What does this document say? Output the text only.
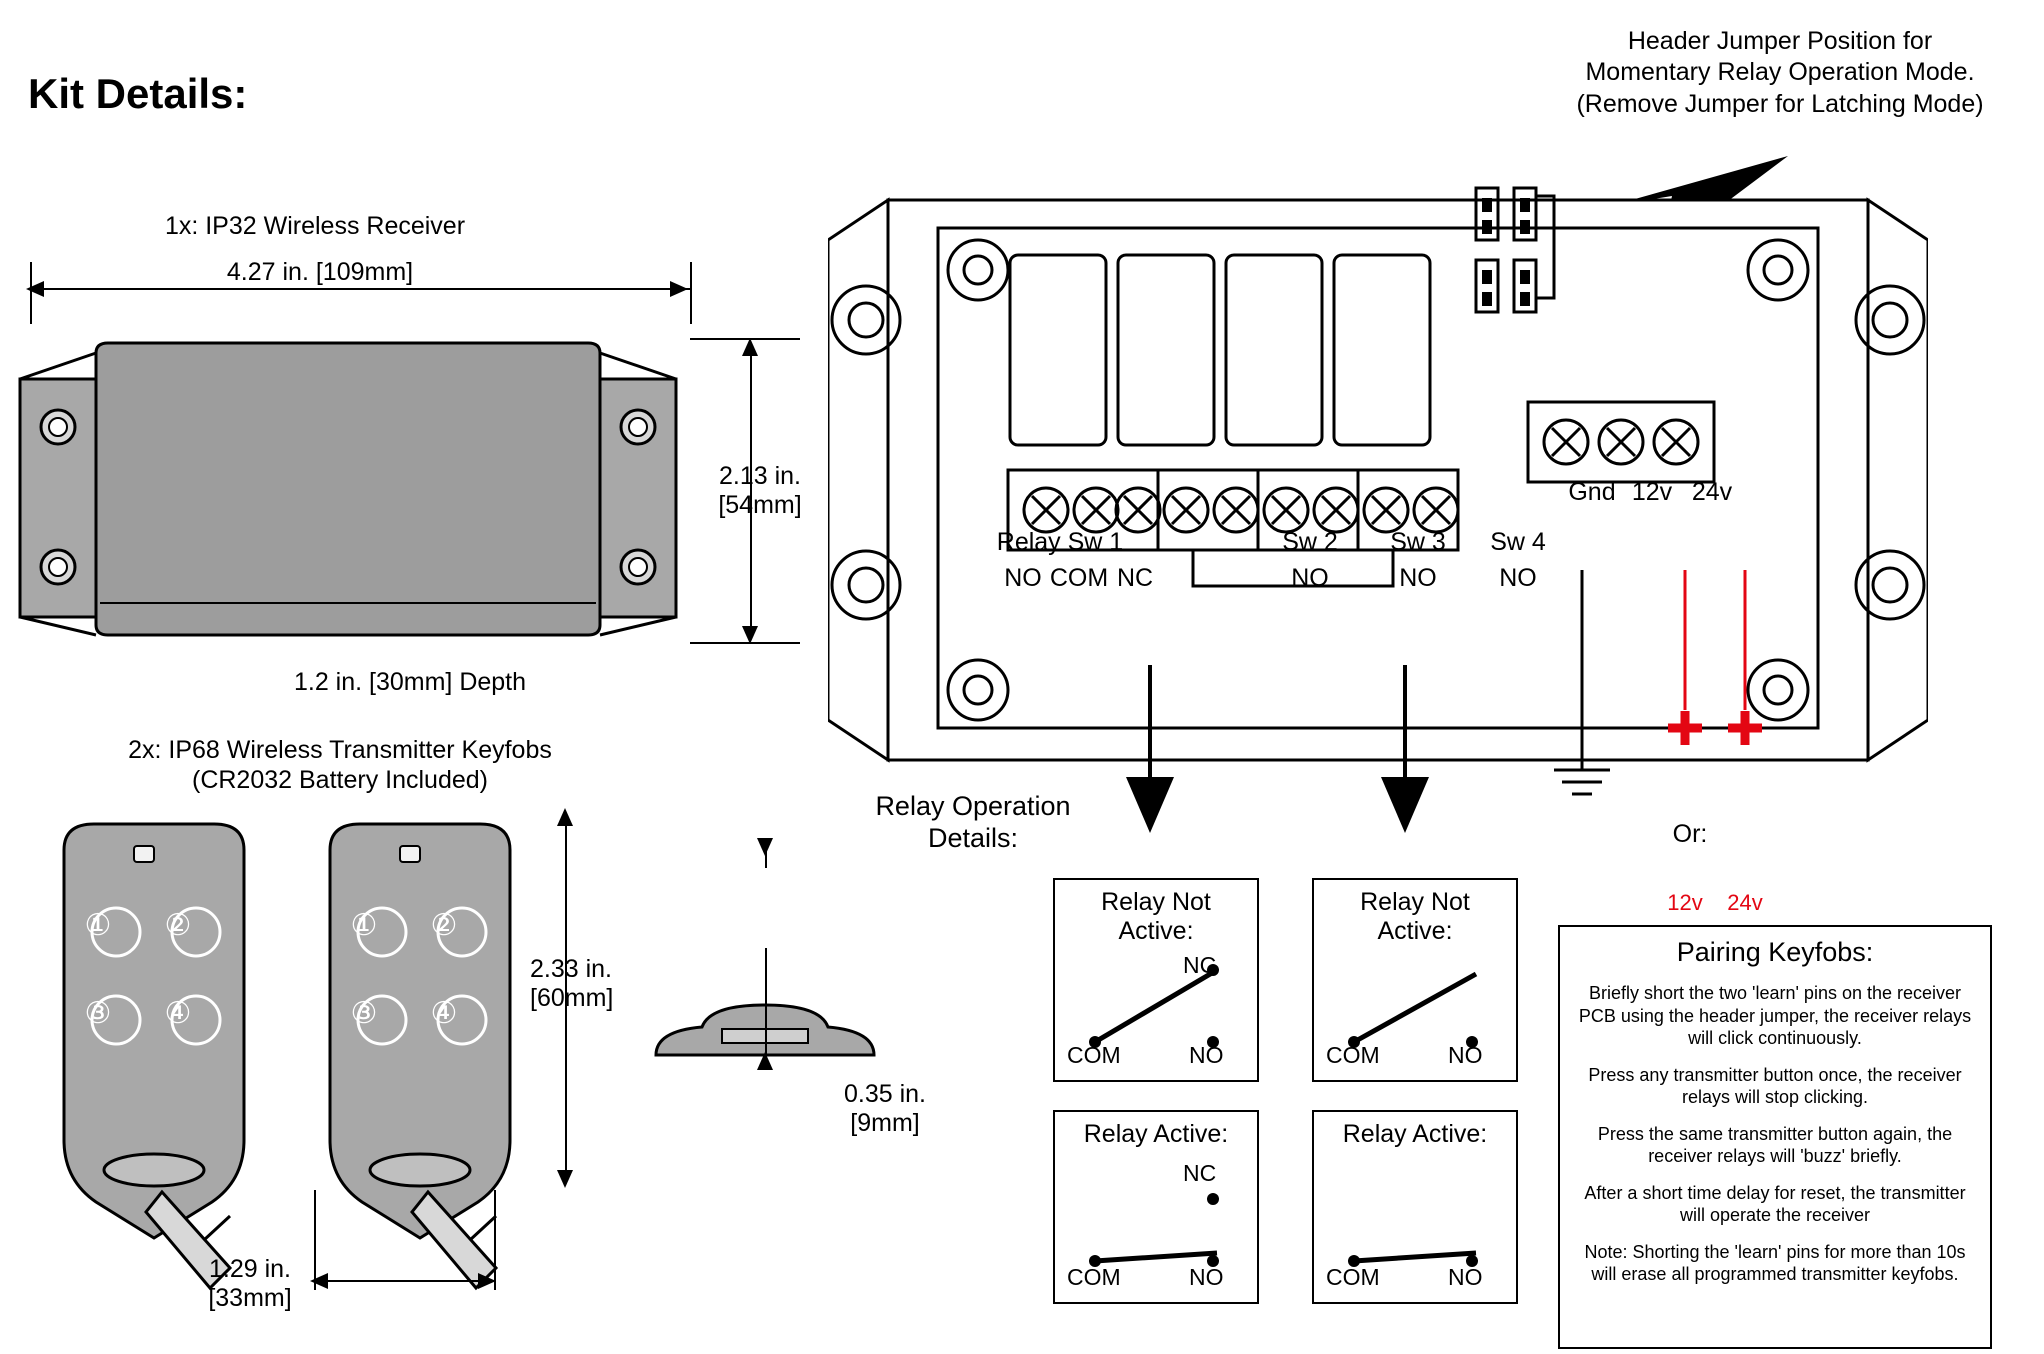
Kit Details:
1x: IP32 Wireless Receiver
4.27 in. [109mm]
2.13 in.
[54mm]
1.2 in. [30mm] Depth
2x: IP68 Wireless Transmitter Keyfobs
(CR2032 Battery Included)
①	②
③	④
①	②
③	④
2.33 in.
[60mm]
1.29 in.
[33mm]
0.35 in.
[9mm]
Header Jumper Position for
Momentary Relay Operation Mode.
(Remove Jumper for Latching Mode)
Relay Sw 1
NO COM NC
Sw 2
NO
Sw 3
NO
Sw 4
NO
Gnd 12v 24v
Or:
12v	24v
Relay Operation
Details:
Relay Not
Active:
NC
COM	NO
Relay Not
Active:
COM	NO
Relay Active:
NC
COM	NO
Relay Active:
COM	NO
Pairing Keyfobs:
Briefly short the two 'learn' pins on the receiver PCB using the header jumper, the receiver relays will click continuously.
Press any transmitter button once, the receiver relays will stop clicking.
Press the same transmitter button again, the receiver relays will 'buzz' briefly.
After a short time delay for reset, the transmitter will operate the receiver
Note: Shorting the 'learn' pins for more than 10s will erase all programmed transmitter keyfobs.
